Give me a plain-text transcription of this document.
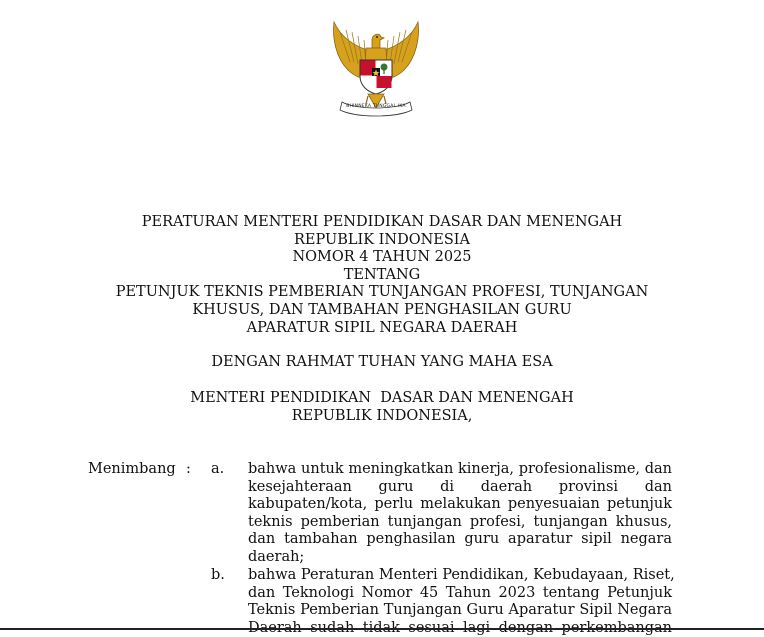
BHINNEKA TUNGGAL IKA
PERATURAN MENTERI PENDIDIKAN DASAR DAN MENENGAH
REPUBLIK INDONESIA
NOMOR 4 TAHUN 2025
TENTANG
PETUNJUK TEKNIS PEMBERIAN TUNJANGAN PROFESI, TUNJANGAN
KHUSUS, DAN TAMBAHAN PENGHASILAN GURU
APARATUR SIPIL NEGARA DAERAH
DENGAN RAHMAT TUHAN YANG MAHA ESA
MENTERI PENDIDIKAN  DASAR DAN MENENGAH
REPUBLIK INDONESIA,
Menimbang : a. bahwa untuk meningkatkan kinerja, profesionalisme, dan
kesejahteraan guru di daerah provinsi dan
kabupaten/kota, perlu melakukan penyesuaian petunjuk
teknis pemberian tunjangan profesi, tunjangan khusus,
dan tambahan penghasilan guru aparatur sipil negara
daerah;
b. bahwa Peraturan Menteri Pendidikan, Kebudayaan, Riset,
dan Teknologi Nomor 45 Tahun 2023 tentang Petunjuk
Teknis Pemberian Tunjangan Guru Aparatur Sipil Negara
